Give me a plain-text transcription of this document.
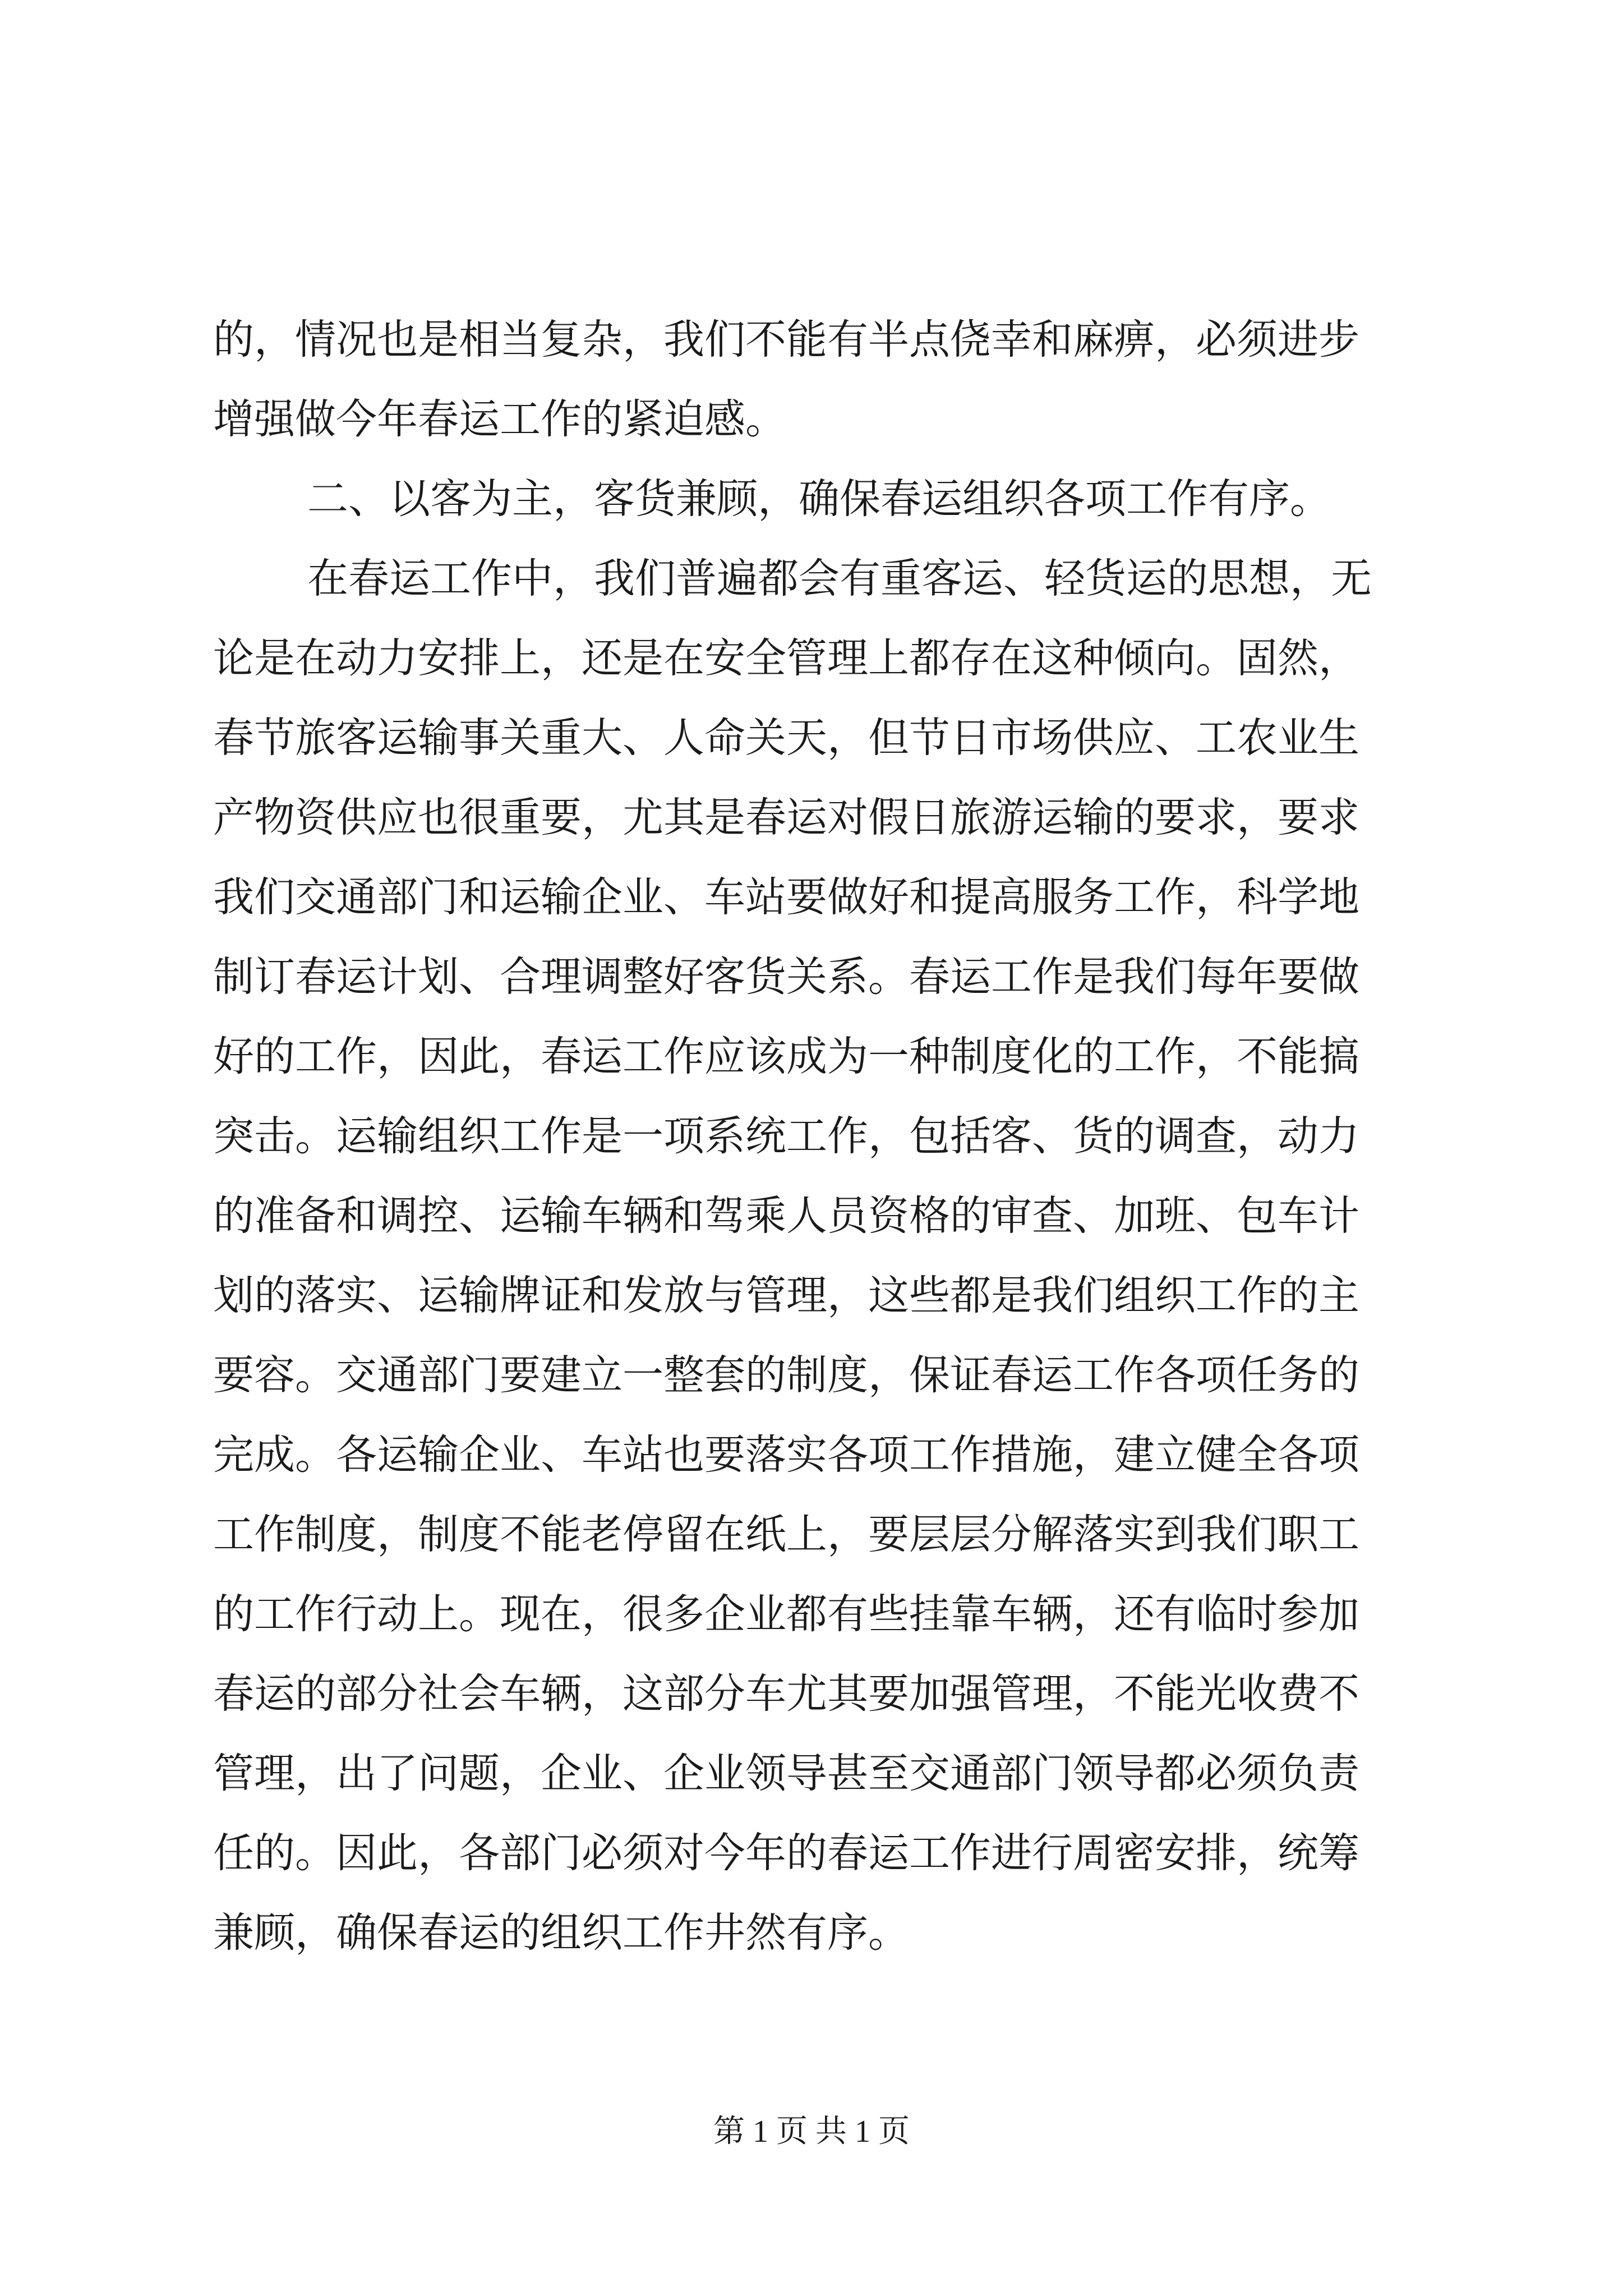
的，情况也是相当复杂，我们不能有半点侥幸和麻痹，必须进步
增强做今年春运工作的紧迫感。
二、以客为主，客货兼顾，确保春运组织各项工作有序。
在春运工作中，我们普遍都会有重客运、轻货运的思想，无
论是在动力安排上，还是在安全管理上都存在这种倾向。固然，
春节旅客运输事关重大、人命关天，但节日市场供应、工农业生
产物资供应也很重要，尤其是春运对假日旅游运输的要求，要求
我们交通部门和运输企业、车站要做好和提高服务工作，科学地
制订春运计划、合理调整好客货关系。春运工作是我们每年要做
好的工作，因此，春运工作应该成为一种制度化的工作，不能搞
突击。运输组织工作是一项系统工作，包括客、货的调查，动力
的准备和调控、运输车辆和驾乘人员资格的审查、加班、包车计
划的落实、运输牌证和发放与管理，这些都是我们组织工作的主
要容。交通部门要建立一整套的制度，保证春运工作各项任务的
完成。各运输企业、车站也要落实各项工作措施，建立健全各项
工作制度，制度不能老停留在纸上，要层层分解落实到我们职工
的工作行动上。现在，很多企业都有些挂靠车辆，还有临时参加
春运的部分社会车辆，这部分车尤其要加强管理，不能光收费不
管理，出了问题，企业、企业领导甚至交通部门领导都必须负责
任的。因此，各部门必须对今年的春运工作进行周密安排，统筹
兼顾，确保春运的组织工作井然有序。
第 1 页 共 1 页
